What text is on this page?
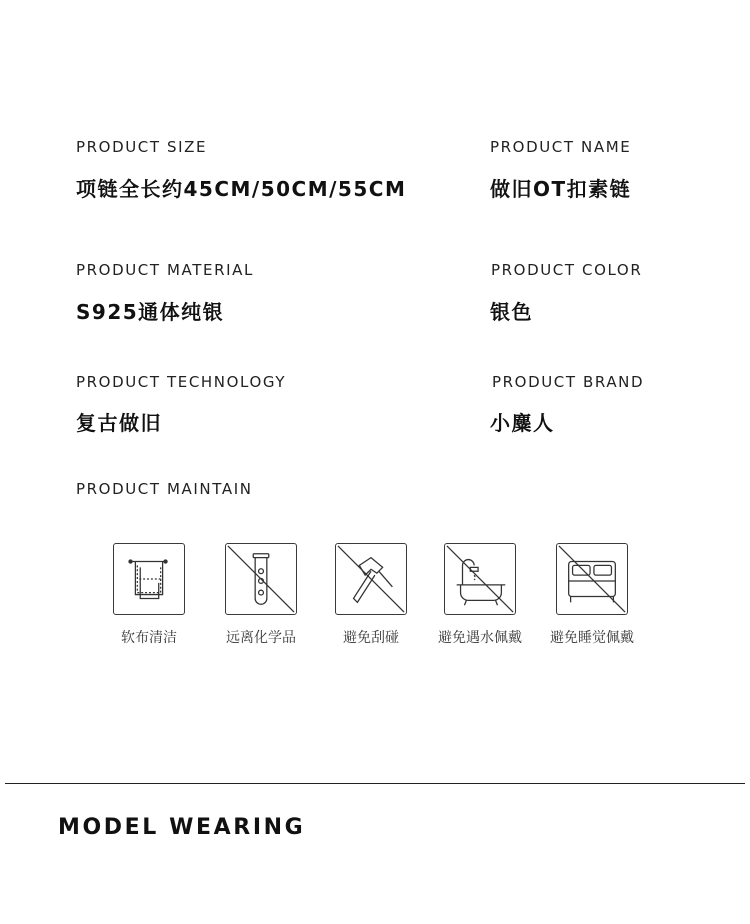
PRODUCT SIZE
项链全长约45CM/50CM/55CM
PRODUCT NAME
做旧OT扣素链
PRODUCT MATERIAL
S925通体纯银
PRODUCT COLOR
银色
PRODUCT TECHNOLOGY
复古做旧
PRODUCT BRAND
小麋人
PRODUCT MAINTAIN
软布清洁	远离化学品	避免刮碰	避免遇水佩戴	避免睡觉佩戴
MODEL WEARING
